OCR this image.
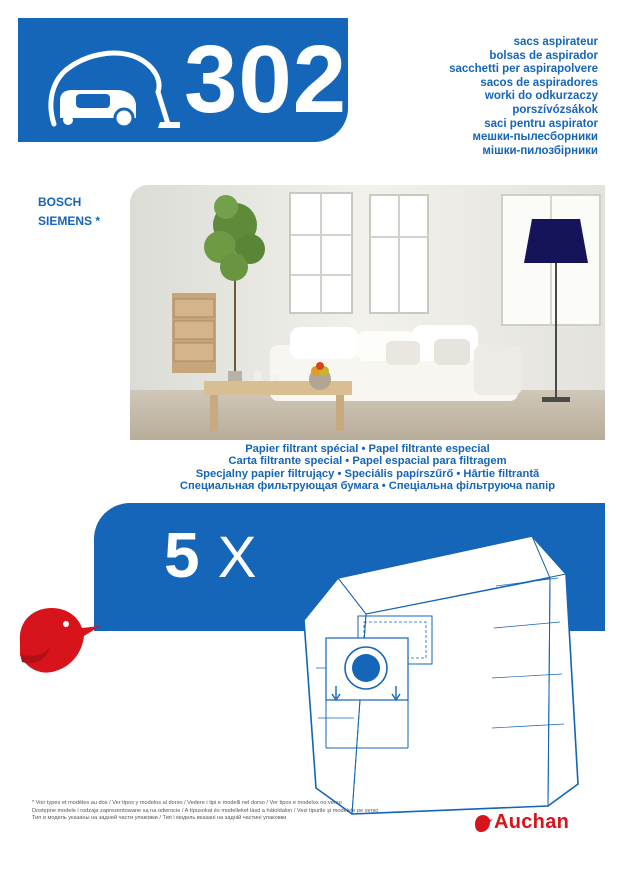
302	sacs aspirateur
bolsas de aspirador
sacchetti per aspirapolvere
sacos de aspiradores
worki do odkurzaczy
porszívózsákok
saci pentru aspirator
мешки-пылесборники
мішки-пилозбірники
BOSCH
SIEMENS *
Papier filtrant spécial • Papel filtrante especial
Carta filtrante special • Papel espacial para filtragem
Specjalny papier filtrujący • Speciális papírszűrő • Hârtie filtrantă
Специальная фильтрующая бумага • Спеціальна фільтруюча папір
5 X
* Voir types et modèles au dos / Ver tipos y modelos al dorso / Vedere i tipi e modelli nel dorso / Ver tipos e modelos no verso
Dostępne modele i rodzaje zaprezentowane są na odwrocie / A típusokat és modelleket lásd a hátoldalon / Vezi tipurile și modelele pe verso
Тип и модель указаны на задней части упаковки / Тип і модель вказані на задній частині упаковки	Auchan
